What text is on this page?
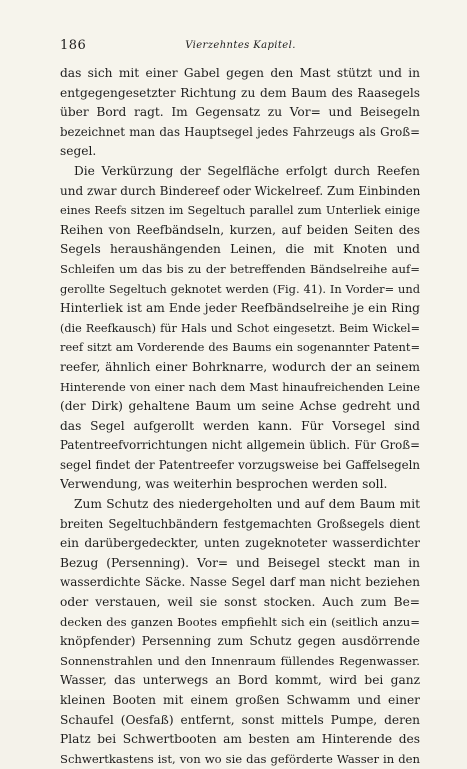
186	Vierzehntes Kapitel.
das sich mit einer Gabel gegen den Mast stützt und in
entgegengesetzter Richtung zu dem Baum des Raasegels
über Bord ragt. Im Gegensatz zu Vor= und Beisegeln
bezeichnet man das Hauptsegel jedes Fahrzeugs als Groß=
segel.
Die Verkürzung der Segelfläche erfolgt durch Reefen
und zwar durch Bindereef oder Wickelreef. Zum Einbinden
eines Reefs sitzen im Segeltuch parallel zum Unterliek einige
Reihen von Reefbändseln, kurzen, auf beiden Seiten des
Segels heraushängenden Leinen, die mit Knoten und
Schleifen um das bis zu der betreffenden Bändselreihe auf=
gerollte Segeltuch geknotet werden (Fig. 41). In Vorder= und
Hinterliek ist am Ende jeder Reefbändselreihe je ein Ring
(die Reefkausch) für Hals und Schot eingesetzt. Beim Wickel=
reef sitzt am Vorderende des Baums ein sogenannter Patent=
reefer, ähnlich einer Bohrknarre, wodurch der an seinem
Hinterende von einer nach dem Mast hinaufreichenden Leine
(der Dirk) gehaltene Baum um seine Achse gedreht und
das Segel aufgerollt werden kann. Für Vorsegel sind
Patentreefvorrichtungen nicht allgemein üblich. Für Groß=
segel findet der Patentreefer vorzugsweise bei Gaffelsegeln
Verwendung, was weiterhin besprochen werden soll.
Zum Schutz des niedergeholten und auf dem Baum mit
breiten Segeltuchbändern festgemachten Großsegels dient
ein darübergedeckter, unten zugeknoteter wasserdichter
Bezug (Persenning). Vor= und Beisegel steckt man in
wasserdichte Säcke. Nasse Segel darf man nicht beziehen
oder verstauen, weil sie sonst stocken. Auch zum Be=
decken des ganzen Bootes empfiehlt sich ein (seitlich anzu=
knöpfender) Persenning zum Schutz gegen ausdörrende
Sonnenstrahlen und den Innenraum füllendes Regenwasser.
Wasser, das unterwegs an Bord kommt, wird bei ganz
kleinen Booten mit einem großen Schwamm und einer
Schaufel (Oesfaß) entfernt, sonst mittels Pumpe, deren
Platz bei Schwertbooten am besten am Hinterende des
Schwertkastens ist, von wo sie das geförderte Wasser in den
